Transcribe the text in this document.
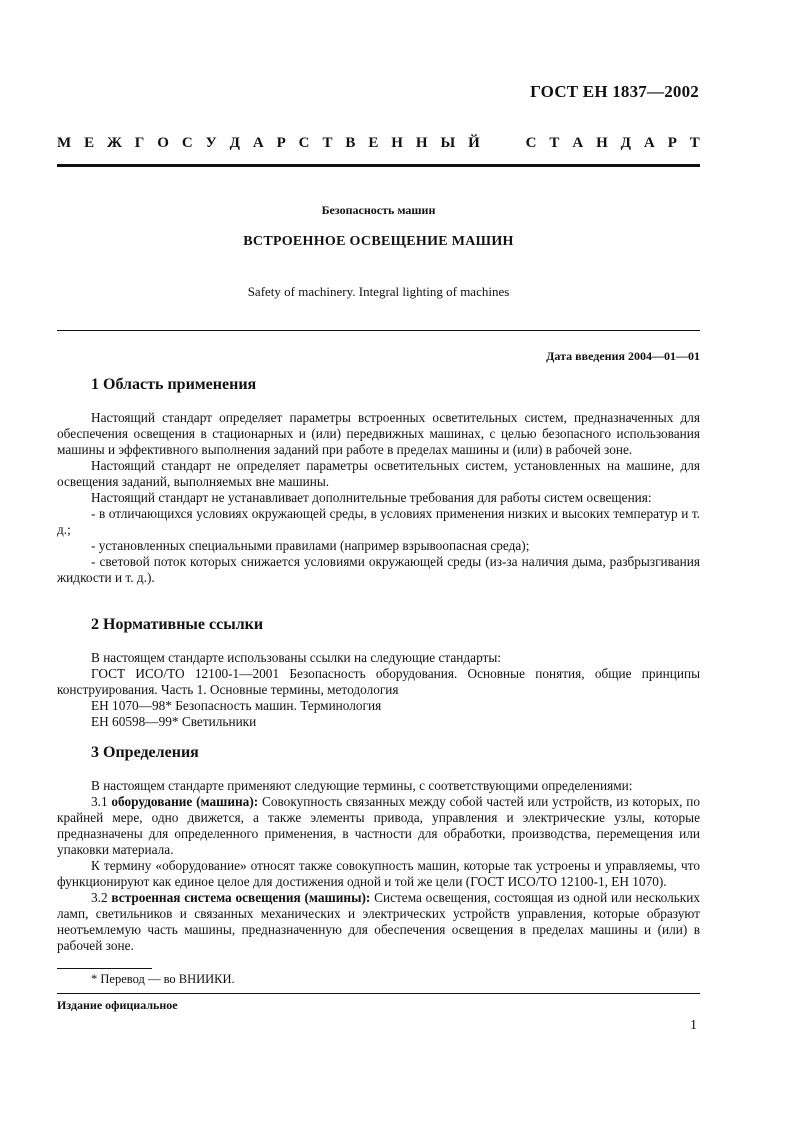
ГОСТ ЕН 1837—2002
М Е Ж Г О С У Д А Р С Т В Е Н Н Ы Й	С Т А Н Д А Р Т
Безопасность машин
ВСТРОЕННОЕ ОСВЕЩЕНИЕ МАШИН
Safety of machinery. Integral lighting of machines
Дата введения 2004—01—01
1 Область применения

Настоящий стандарт определяет параметры встроенных осветительных систем, предназначенных для обеспечения освещения в стационарных и (или) передвижных машинах, с целью безопасного использования машины и эффективного выполнения заданий при работе в пределах машины и (или) в рабочей зоне.

Настоящий стандарт не определяет параметры осветительных систем, установленных на машине, для освещения заданий, выполняемых вне машины.

Настоящий стандарт не устанавливает дополнительные требования для работы систем освещения:

- в отличающихся условиях окружающей среды, в условиях применения низких и высоких температур и т. д.;

- установленных специальными правилами (например взрывоопасная среда);

- световой поток которых снижается условиями окружающей среды (из-за наличия дыма, разбрызгивания жидкости и т. д.).

2 Нормативные ссылки

В настоящем стандарте использованы ссылки на следующие стандарты:

ГОСТ ИСО/ТО 12100-1—2001 Безопасность оборудования. Основные понятия, общие принципы конструирования. Часть 1. Основные термины, методология

ЕН 1070—98* Безопасность машин. Терминология

ЕН 60598—99* Светильники

3 Определения

В настоящем стандарте применяют следующие термины, с соответствующими определениями:

3.1 оборудование (машина): Совокупность связанных между собой частей или устройств, из которых, по крайней мере, одно движется, а также элементы привода, управления и электрические узлы, которые предназначены для определенного применения, в частности для обработки, производства, перемещения или упаковки материала.

К термину «оборудование» относят также совокупность машин, которые так устроены и управляемы, что функционируют как единое целое для достижения одной и той же цели (ГОСТ ИСО/ТО 12100-1, ЕН 1070).

3.2 встроенная система освещения (машины): Система освещения, состоящая из одной или нескольких ламп, светильников и связанных механических и электрических устройств управления, которые образуют неотъемлемую часть машины, предназначенную для обеспечения освещения в пределах машины и (или) в рабочей зоне.

* Перевод — во ВНИИКИ.
Издание официальное
1
